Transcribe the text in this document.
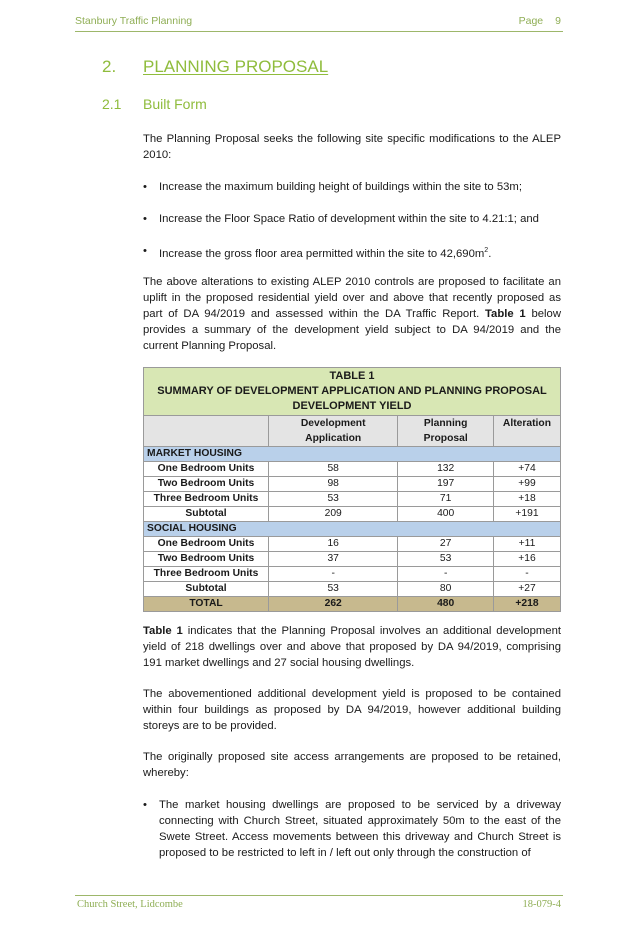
Stanbury Traffic Planning	Page 9
2. PLANNING PROPOSAL
2.1 Built Form
The Planning Proposal seeks the following site specific modifications to the ALEP 2010:
• Increase the maximum building height of buildings within the site to 53m;
• Increase the Floor Space Ratio of development within the site to 4.21:1; and
• Increase the gross floor area permitted within the site to $42,690m^2$.
The above alterations to existing ALEP 2010 controls are proposed to facilitate an uplift in the proposed residential yield over and above that recently proposed as part of DA 94/2019 and assessed within the DA Traffic Report. Table 1 below provides a summary of the development yield subject to DA 94/2019 and the current Planning Proposal.
TABLE 1
SUMMARY OF DEVELOPMENT APPLICATION AND PLANNING PROPOSAL DEVELOPMENT YIELD			

	Development Application	Planning Proposal	Alteration
MARKET HOUSING			
One Bedroom Units	58	132	+74
Two Bedroom Units	98	197	+99
Three Bedroom Units	53	71	+18
Subtotal	209	400	+191
SOCIAL HOUSING			
One Bedroom Units	16	27	+11
Two Bedroom Units	37	53	+16
Three Bedroom Units	-	-	-
Subtotal	53	80	+27
TOTAL	262	480	+218
Table 1 indicates that the Planning Proposal involves an additional development yield of 218 dwellings over and above that proposed by DA 94/2019, comprising 191 market dwellings and 27 social housing dwellings.
The abovementioned additional development yield is proposed to be contained within four buildings as proposed by DA 94/2019, however additional building storeys are to be provided.
The originally proposed site access arrangements are proposed to be retained, whereby:
• The market housing dwellings are proposed to be serviced by a driveway connecting with Church Street, situated approximately 50m to the east of the Swete Street. Access movements between this driveway and Church Street is proposed to be restricted to left in / left out only through the construction of
Church Street, Lidcombe	18-079-4
